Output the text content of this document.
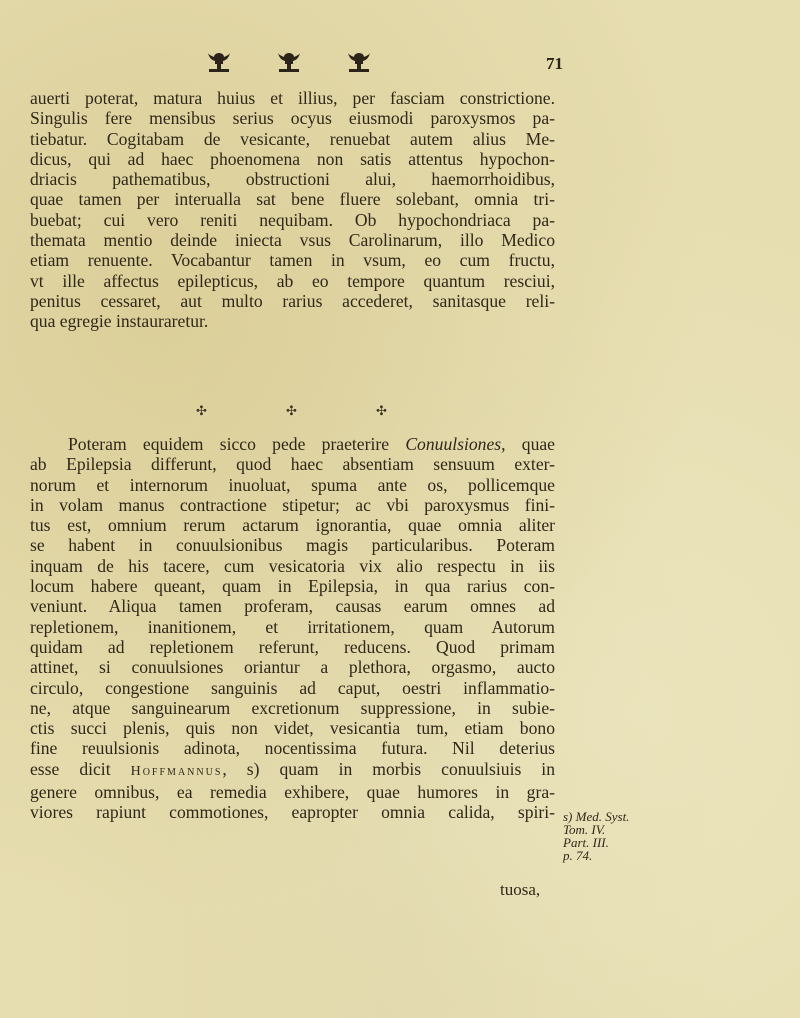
71
auerti poterat, matura huius et illius, per fasciam constrictione.
Singulis fere mensibus serius ocyus eiusmodi paroxysmos pa-
tiebatur. Cogitabam de vesicante, renuebat autem alius Me-
dicus, qui ad haec phoenomena non satis attentus hypochon-
driacis pathematibus, obstructioni alui, haemorrhoidibus,
quae tamen per interualla sat bene fluere solebant, omnia tri-
buebat; cui vero reniti nequibam. Ob hypochondriaca pa-
themata mentio deinde iniecta vsus Carolinarum, illo Medico
etiam renuente. Vocabantur tamen in vsum, eo cum fructu,
vt ille affectus epilepticus, ab eo tempore quantum resciui,
penitus cessaret, aut multo rarius accederet, sanitasque reli-
qua egregie instauraretur.
✣	✣	✣
Poteram equidem sicco pede praeterire Conuulsiones, quae
ab Epilepsia differunt, quod haec absentiam sensuum exter-
norum et internorum inuoluat, spuma ante os, pollicemque
in volam manus contractione stipetur; ac vbi paroxysmus fini-
tus est, omnium rerum actarum ignorantia, quae omnia aliter
se habent in conuulsionibus magis particularibus. Poteram
inquam de his tacere, cum vesicatoria vix alio respectu in iis
locum habere queant, quam in Epilepsia, in qua rarius con-
veniunt. Aliqua tamen proferam, causas earum omnes ad
repletionem, inanitionem, et irritationem, quam Autorum
quidam ad repletionem referunt, reducens. Quod primam
attinet, si conuulsiones oriantur a plethora, orgasmo, aucto
circulo, congestione sanguinis ad caput, oestri inflammatio-
ne, atque sanguinearum excretionum suppressione, in subie-
ctis succi plenis, quis non videt, vesicantia tum, etiam bono
fine reuulsionis adinota, nocentissima futura. Nil deterius
esse dicit Hoffmannus, s) quam in morbis conuulsiuis in
genere omnibus, ea remedia exhibere, quae humores in gra-
viores rapiunt commotiones, eapropter omnia calida, spiri- s) Med. Syst.
Tom. IV.
Part. III.
p. 74.
tuosa,
